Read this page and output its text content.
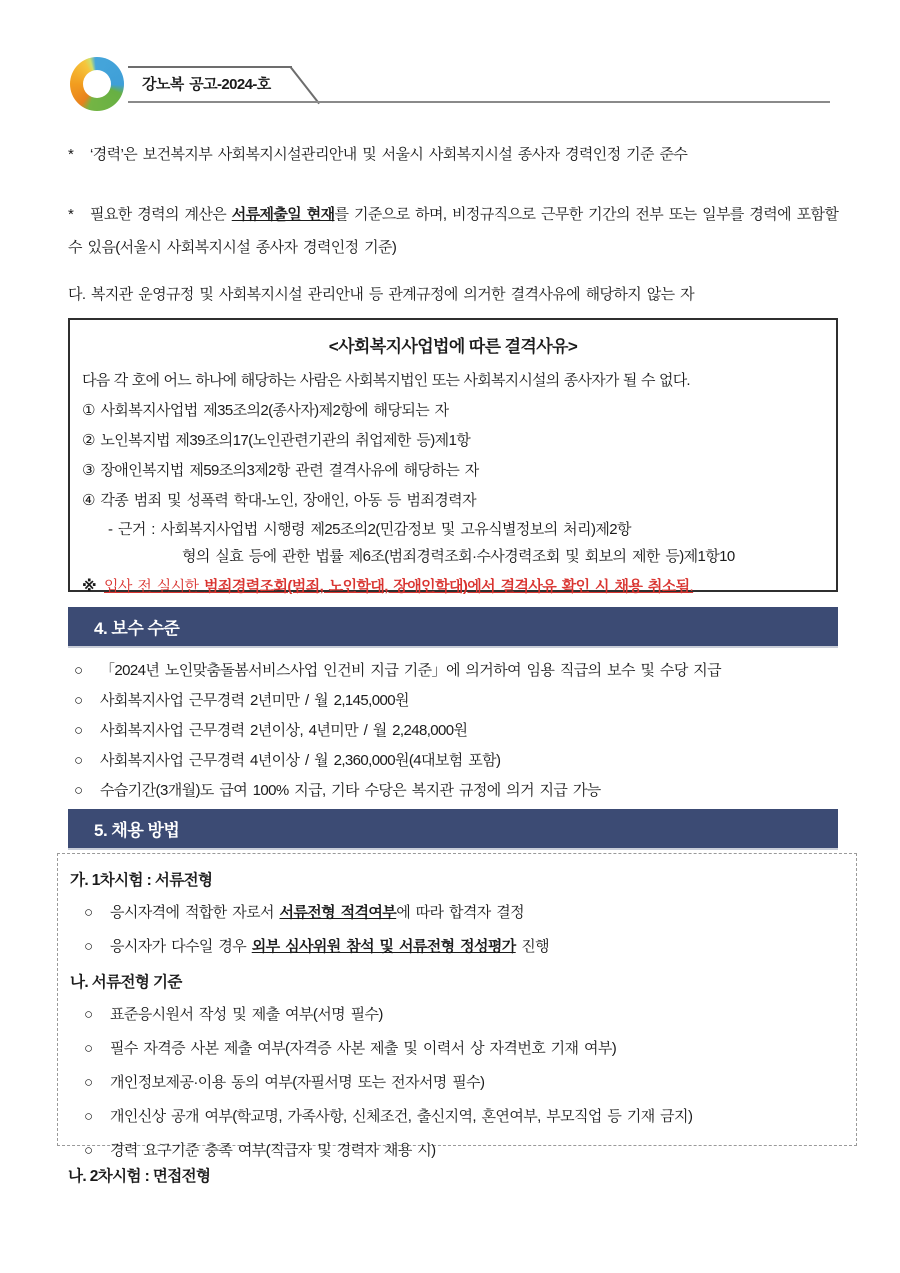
강노복 공고-2024-호
* ‘경력’은 보건복지부 사회복지시설관리안내 및 서울시 사회복지시설 종사자 경력인정 기준 준수
* 필요한 경력의 계산은 서류제출일 현재를 기준으로 하며, 비정규직으로 근무한 기간의 전부 또는 일부를 경력에 포함할 수 있음(서울시 사회복지시설 종사자 경력인정 기준)
다. 복지관 운영규정 및 사회복지시설 관리안내 등 관계규정에 의거한 결격사유에 해당하지 않는 자
<사회복지사업법에 따른 결격사유>
다음 각 호에 어느 하나에 해당하는 사람은 사회복지법인 또는 사회복지시설의 종사자가 될 수 없다.
① 사회복지사업법 제35조의2(종사자)제2항에 해당되는 자
② 노인복지법 제39조의17(노인관련기관의 취업제한 등)제1항
③ 장애인복지법 제59조의3제2항 관련 결격사유에 해당하는 자
④ 각종 범죄 및 성폭력 학대-노인, 장애인, 아동 등 범죄경력자
- 근거 : 사회복지사업법 시행령 제25조의2(민감정보 및 고유식별정보의 처리)제2항
형의 실효 등에 관한 법률 제6조(범죄경력조회·수사경력조회 및 회보의 제한 등)제1항10
※ 입사 전 실시한 범죄경력조회(범죄, 노인학대, 장애인학대)에서 결격사유 확인 시 채용 취소됨.
4. 보수 수준
○	「2024년 노인맞춤돌봄서비스사업 인건비 지급 기준」에 의거하여 임용 직급의 보수 및 수당 지급
○	사회복지사업 근무경력 2년미만 / 월 2,145,000원
○	사회복지사업 근무경력 2년이상, 4년미만 / 월 2,248,000원
○	사회복지사업 근무경력 4년이상 / 월 2,360,000원(4대보험 포함)
○	수습기간(3개월)도 급여 100% 지급, 기타 수당은 복지관 규정에 의거 지급 가능
5. 채용 방법
가. 1차시험 : 서류전형
○	응시자격에 적합한 자로서 서류전형 적격여부에 따라 합격자 결정
○	응시자가 다수일 경우 외부 심사위원 참석 및 서류전형 정성평가 진행
나. 서류전형 기준
○	표준응시원서 작성 및 제출 여부(서명 필수)
○	필수 자격증 사본 제출 여부(자격증 사본 제출 및 이력서 상 자격번호 기재 여부)
○	개인정보제공·이용 동의 여부(자필서명 또는 전자서명 필수)
○	개인신상 공개 여부(학교명, 가족사항, 신체조건, 출신지역, 혼연여부, 부모직업 등 기재 금지)
○	경력 요구기준 충족 여부(직급자 및 경력자 채용 시)
나. 2차시험 : 면접전형
